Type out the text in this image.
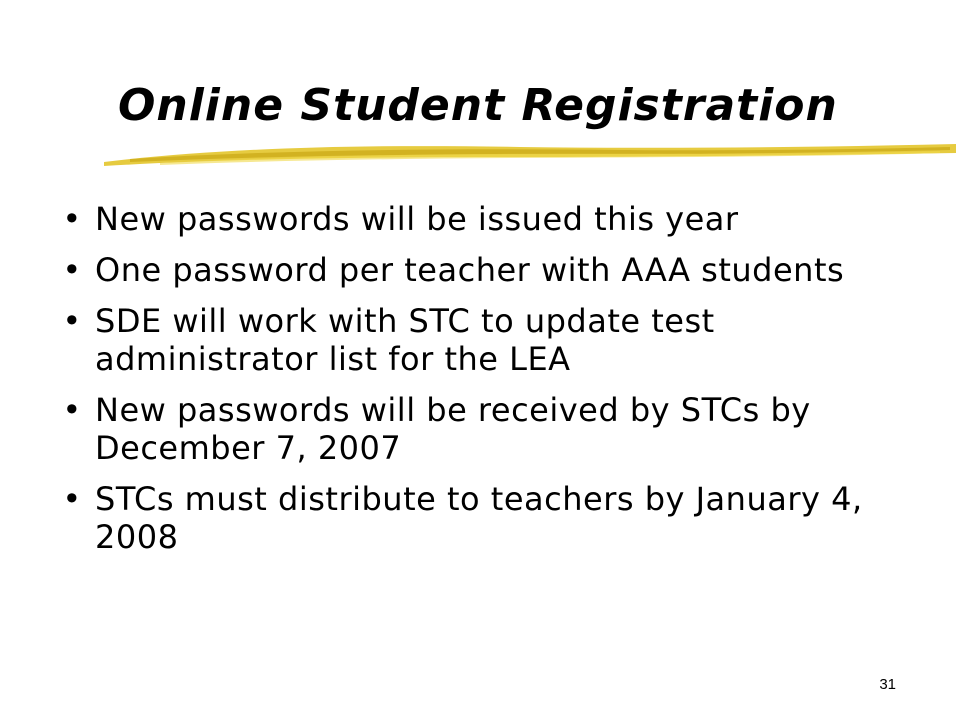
Online Student Registration
• New passwords will be issued this year
• One password per teacher with AAA students
• SDE will work with STC to update test administrator list for the LEA
• New passwords will be received by STCs by December 7, 2007
• STCs must distribute to teachers by January 4, 2008
31
